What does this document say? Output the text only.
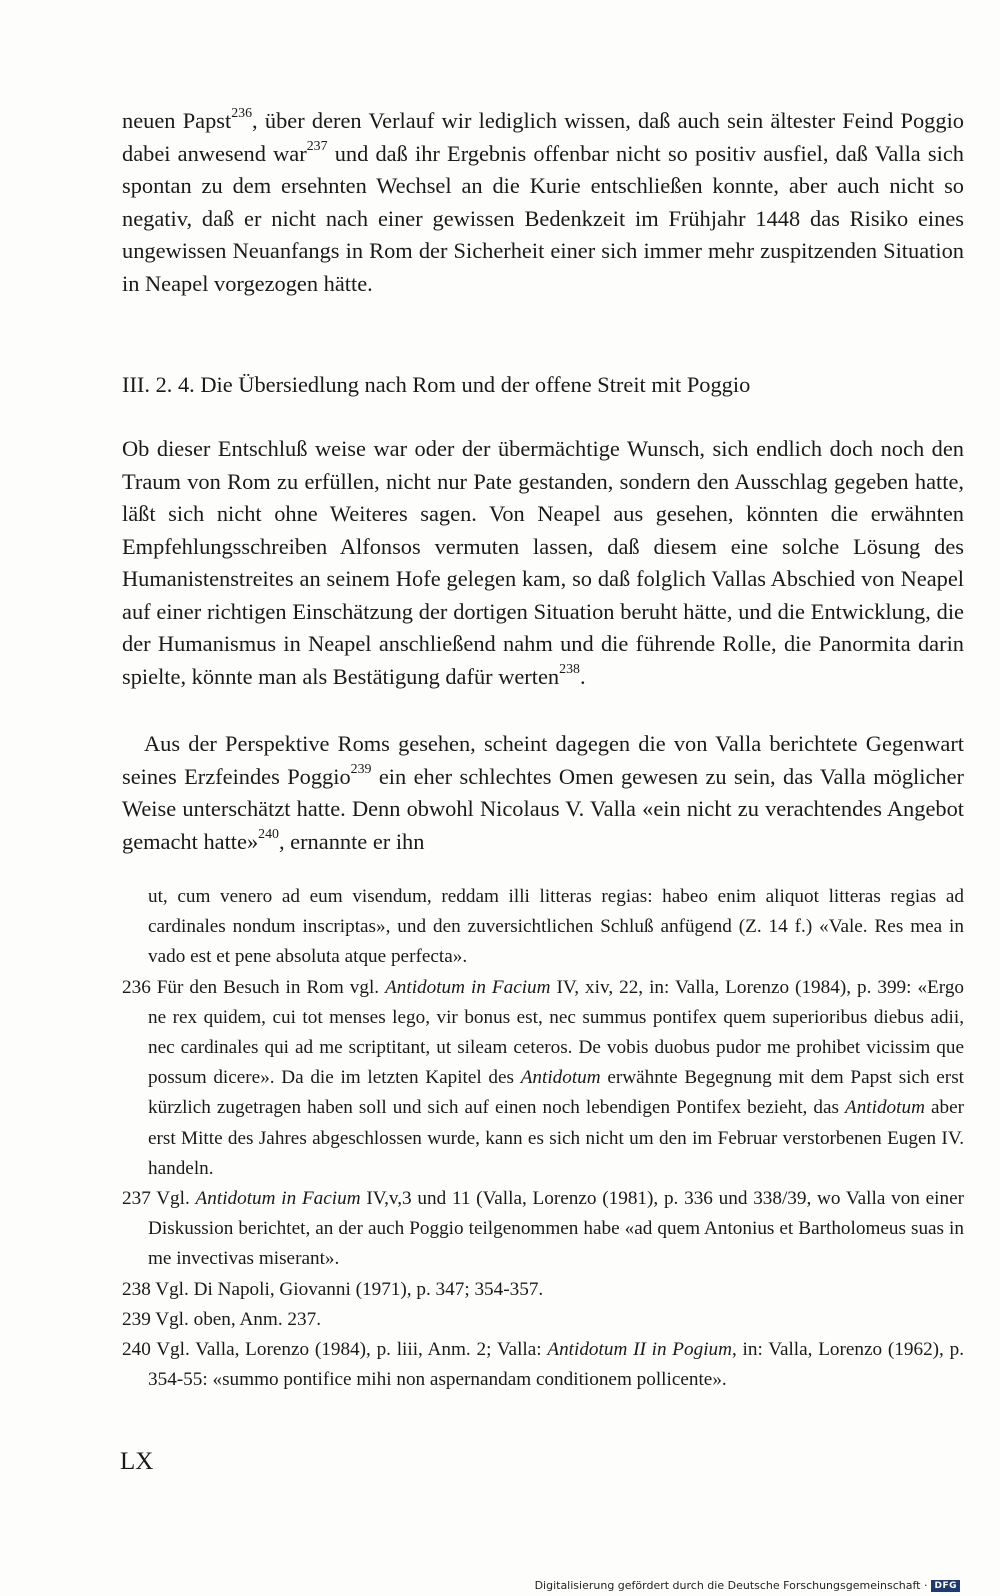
neuen Papst$^{236}$, über deren Verlauf wir lediglich wissen, daß auch sein ältester Feind Poggio dabei anwesend war$^{237}$ und daß ihr Ergebnis offenbar nicht so positiv ausfiel, daß Valla sich spontan zu dem ersehnten Wechsel an die Kurie entschließen konnte, aber auch nicht so negativ, daß er nicht nach einer gewissen Bedenkzeit im Frühjahr 1448 das Risiko eines ungewissen Neuanfangs in Rom der Sicherheit einer sich immer mehr zuspitzenden Situation in Neapel vorgezogen hätte.
III. 2. 4. Die Übersiedlung nach Rom und der offene Streit mit Poggio
Ob dieser Entschluß weise war oder der übermächtige Wunsch, sich endlich doch noch den Traum von Rom zu erfüllen, nicht nur Pate gestanden, sondern den Ausschlag gegeben hatte, läßt sich nicht ohne Weiteres sagen. Von Neapel aus gesehen, könnten die erwähnten Empfehlungsschreiben Alfonsos vermuten lassen, daß diesem eine solche Lösung des Humanistenstreites an seinem Hofe gelegen kam, so daß folglich Vallas Abschied von Neapel auf einer richtigen Einschätzung der dortigen Situation beruht hätte, und die Entwicklung, die der Humanismus in Neapel anschließend nahm und die führende Rolle, die Panormita darin spielte, könnte man als Bestätigung dafür werten$^{238}$.
Aus der Perspektive Roms gesehen, scheint dagegen die von Valla berichtete Gegenwart seines Erzfeindes Poggio$^{239}$ ein eher schlechtes Omen gewesen zu sein, das Valla möglicher Weise unterschätzt hatte. Denn obwohl Nicolaus V. Valla «ein nicht zu verachtendes Angebot gemacht hatte»$^{240}$, ernannte er ihn

ut, cum venero ad eum visendum, reddam illi litteras regias: habeo enim aliquot litteras regias ad cardinales nondum inscriptas», und den zuversichtlichen Schluß anfügend (Z. 14 f.) «Vale. Res mea in vado est et pene absoluta atque perfecta».

236 Für den Besuch in Rom vgl. Antidotum in Facium IV, xiv, 22, in: Valla, Lorenzo (1984), p. 399: «Ergo ne rex quidem, cui tot menses lego, vir bonus est, nec summus pontifex quem superioribus diebus adii, nec cardinales qui ad me scriptitant, ut sileam ceteros. De vobis duobus pudor me prohibet vicissim que possum dicere». Da die im letzten Kapitel des Antidotum erwähnte Begegnung mit dem Papst sich erst kürzlich zugetragen haben soll und sich auf einen noch lebendigen Pontifex bezieht, das Antidotum aber erst Mitte des Jahres abgeschlossen wurde, kann es sich nicht um den im Februar verstorbenen Eugen IV. handeln.

237 Vgl. Antidotum in Facium IV,v,3 und 11 (Valla, Lorenzo (1981), p. 336 und 338/39, wo Valla von einer Diskussion berichtet, an der auch Poggio teilgenommen habe «ad quem Antonius et Bartholomeus suas in me invectivas miserant».

238 Vgl. Di Napoli, Giovanni (1971), p. 347; 354-357.

239 Vgl. oben, Anm. 237.

240 Vgl. Valla, Lorenzo (1984), p. liii, Anm. 2; Valla: Antidotum II in Pogium, in: Valla, Lorenzo (1962), p. 354-55: «summo pontifice mihi non aspernandam conditionem pollicente».

LX
Digitalisierung gefördert durch die Deutsche Forschungsgemeinschaft · DFG
